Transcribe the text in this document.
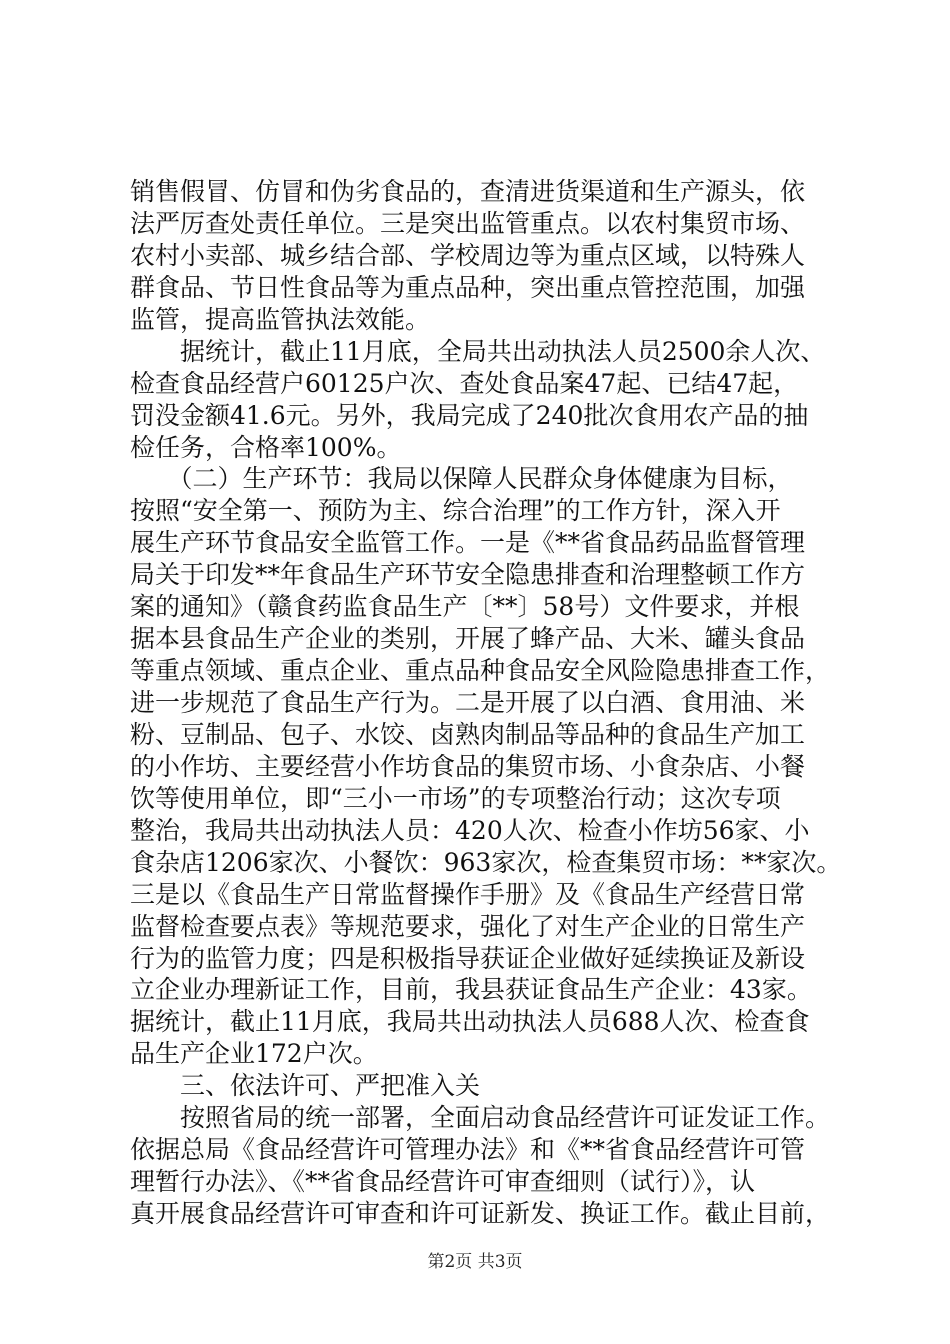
销售假冒、仿冒和伪劣食品的，查清进货渠道和生产源头，依
法严厉查处责任单位。三是突出监管重点。以农村集贸市场、
农村小卖部、城乡结合部、学校周边等为重点区域，以特殊人
群食品、节日性食品等为重点品种，突出重点管控范围，加强
监管，提高监管执法效能。
　　据统计，截止11月底，全局共出动执法人员2500余人次、
检查食品经营户60125户次、查处食品案47起、已结47起，
罚没金额41.6元。另外，我局完成了240批次食用农产品的抽
检任务，合格率100%。
　　（二）生产环节：我局以保障人民群众身体健康为目标，
按照“安全第一、预防为主、综合治理”的工作方针，深入开
展生产环节食品安全监管工作。一是《**省食品药品监督管理
局关于印发**年食品生产环节安全隐患排查和治理整顿工作方
案的通知》（赣食药监食品生产〔**〕58号）文件要求，并根
据本县食品生产企业的类别，开展了蜂产品、大米、罐头食品
等重点领域、重点企业、重点品种食品安全风险隐患排查工作，
进一步规范了食品生产行为。二是开展了以白酒、食用油、米
粉、豆制品、包子、水饺、卤熟肉制品等品种的食品生产加工
的小作坊、主要经营小作坊食品的集贸市场、小食杂店、小餐
饮等使用单位，即“三小一市场”的专项整治行动；这次专项
整治，我局共出动执法人员：420人次、检查小作坊56家、小
食杂店1206家次、小餐饮：963家次，检查集贸市场：**家次。
三是以《食品生产日常监督操作手册》及《食品生产经营日常
监督检查要点表》等规范要求，强化了对生产企业的日常生产
行为的监管力度；四是积极指导获证企业做好延续换证及新设
立企业办理新证工作，目前，我县获证食品生产企业：43家。
据统计，截止11月底，我局共出动执法人员688人次、检查食
品生产企业172户次。
　　三、依法许可、严把准入关
　　按照省局的统一部署，全面启动食品经营许可证发证工作。
第2页 共3页
依据总局《食品经营许可管理办法》和《**省食品经营许可管
理暂行办法》、《**省食品经营许可审查细则（试行）》，认
真开展食品经营许可审查和许可证新发、换证工作。截止目前，
